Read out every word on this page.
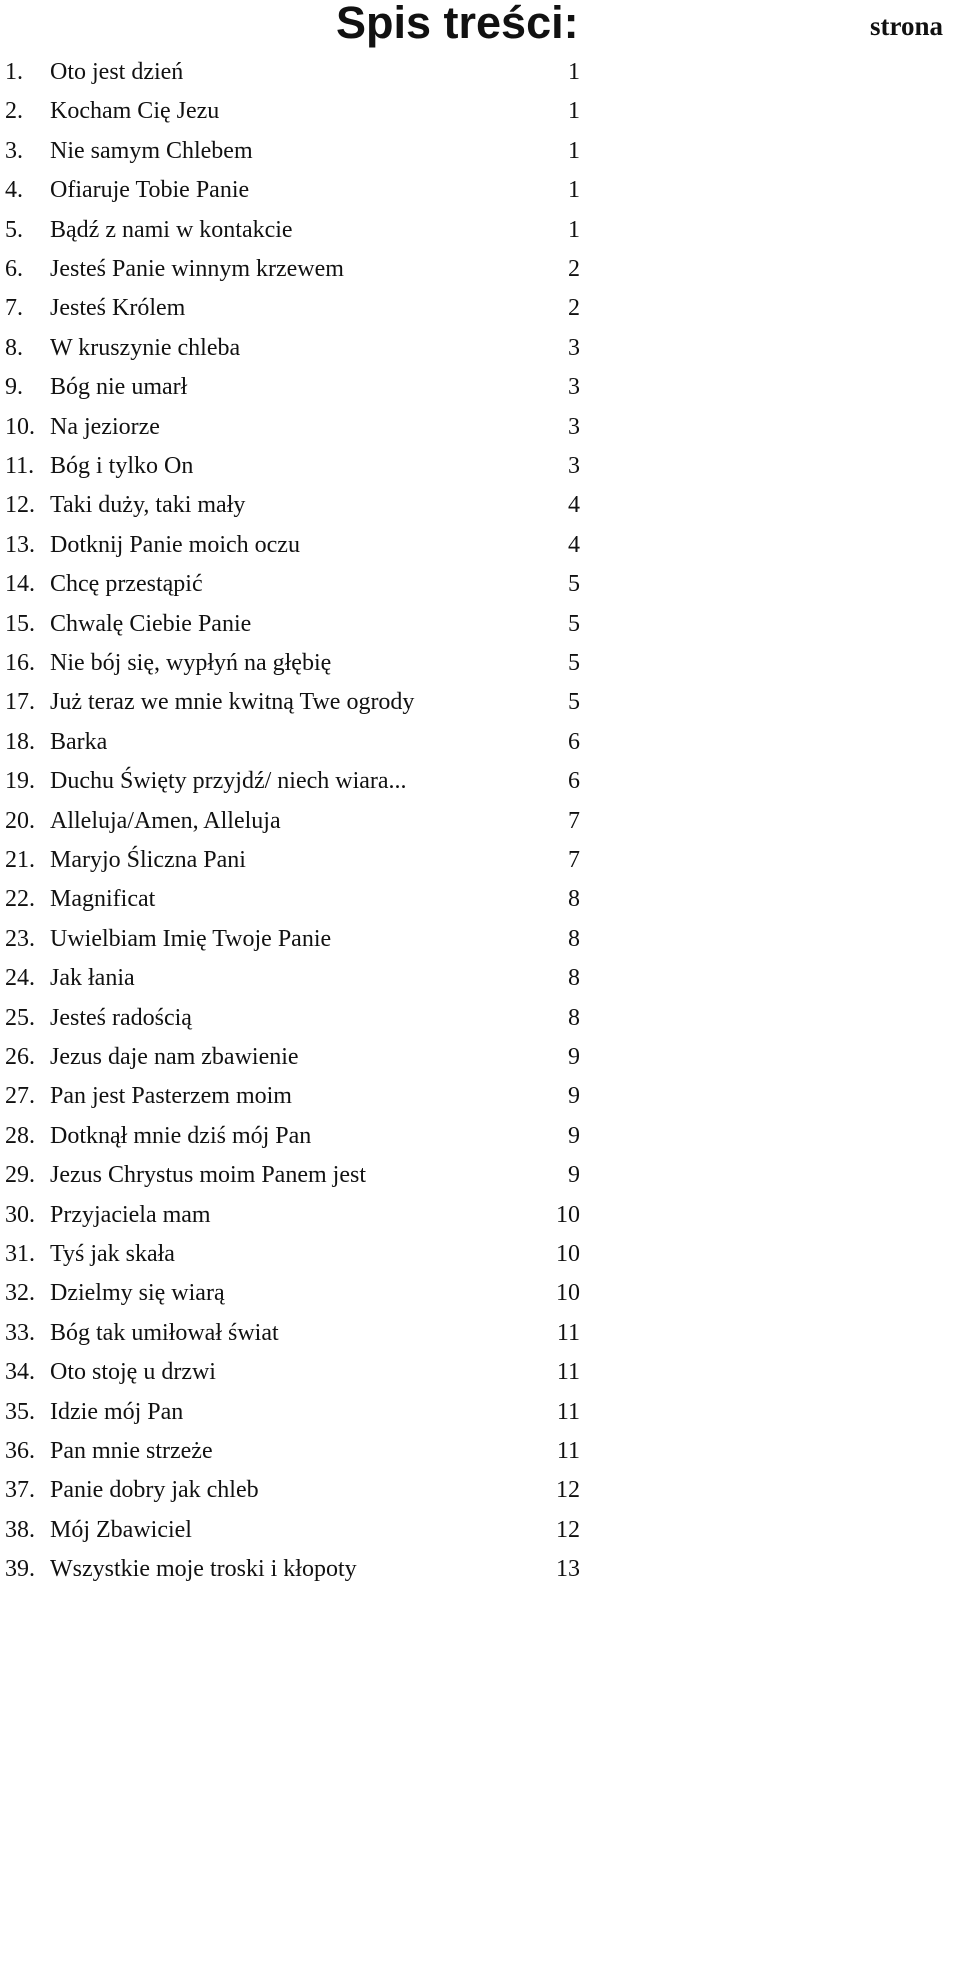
Spis treści:	strona
1. Oto jest dzień	1
2. Kocham Cię Jezu	1
3. Nie samym Chlebem	1
4. Ofiaruje Tobie Panie	1
5. Bądź z nami w kontakcie	1
6. Jesteś Panie winnym krzewem	2
7. Jesteś Królem	2
8. W kruszynie chleba	3
9. Bóg nie umarł	3
10. Na jeziorze	3
11. Bóg i tylko On	3
12. Taki duży, taki mały	4
13. Dotknij Panie moich oczu	4
14. Chcę przestąpić	5
15. Chwalę Ciebie Panie	5
16. Nie bój się, wypłyń na głębię	5
17. Już teraz we mnie kwitną Twe ogrody	5
18. Barka	6
19. Duchu Święty przyjdź/ niech wiara...	6
20. Alleluja/Amen, Alleluja	7
21. Maryjo Śliczna Pani	7
22. Magnificat	8
23. Uwielbiam Imię Twoje Panie	8
24. Jak łania	8
25. Jesteś radością	8
26. Jezus daje nam zbawienie	9
27. Pan jest Pasterzem moim	9
28. Dotknął mnie dziś mój Pan	9
29. Jezus Chrystus moim Panem jest	9
30. Przyjaciela mam	10
31. Tyś jak skała	10
32. Dzielmy się wiarą	10
33. Bóg tak umiłował świat	11
34. Oto stoję u drzwi	11
35. Idzie mój Pan	11
36. Pan mnie strzeże	11
37. Panie dobry jak chleb	12
38. Mój Zbawiciel	12
39. Wszystkie moje troski i kłopoty	13
